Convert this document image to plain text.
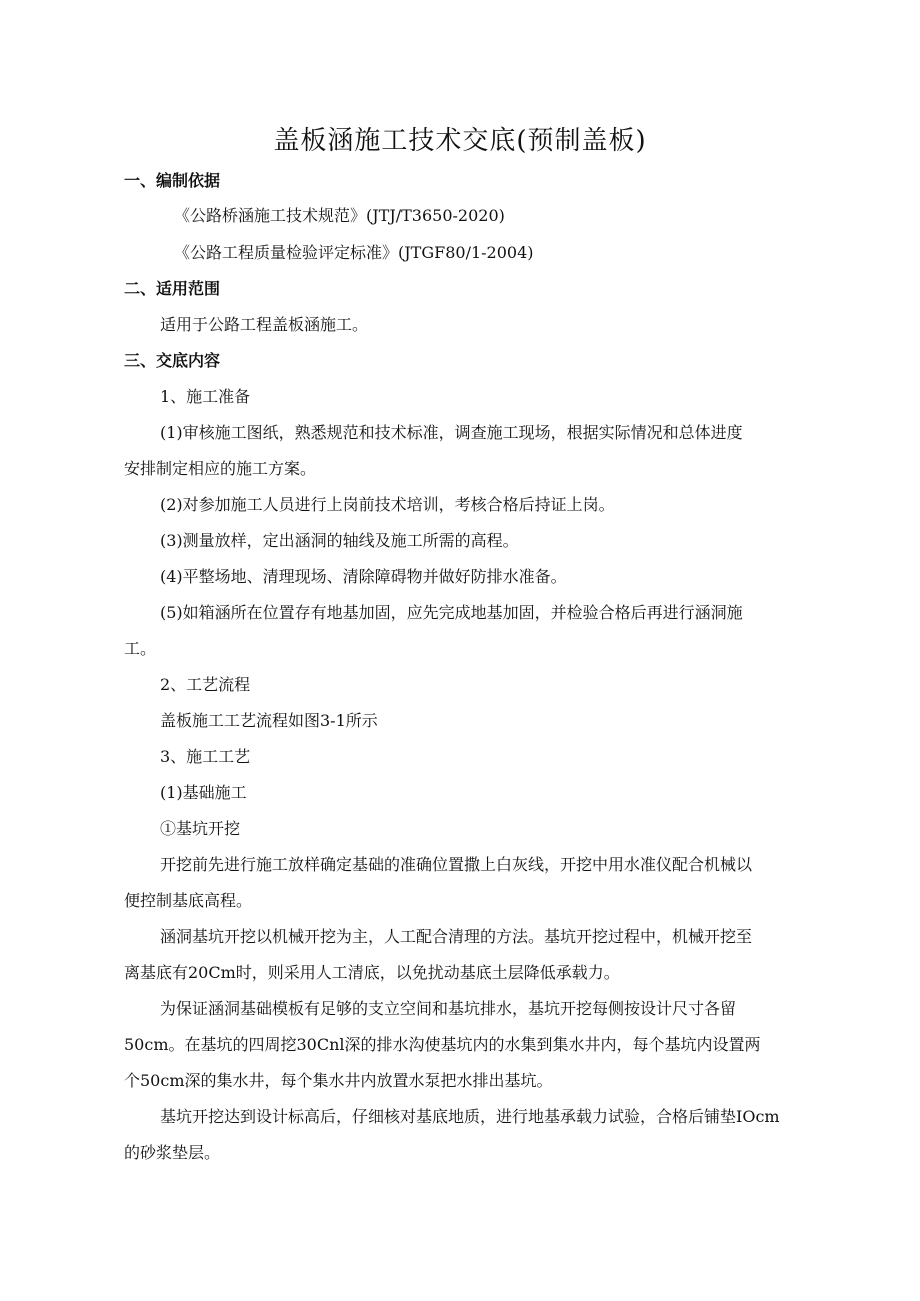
盖板涵施工技术交底(预制盖板)
一、编制依据
《公路桥涵施工技术规范》(JTJ/T3650-2020)
《公路工程质量检验评定标准》(JTGF80/1-2004)
二、适用范围
适用于公路工程盖板涵施工。
三、交底内容
1、施工准备
(1)审核施工图纸，熟悉规范和技术标准，调查施工现场，根据实际情况和总体进度
安排制定相应的施工方案。
(2)对参加施工人员进行上岗前技术培训，考核合格后持证上岗。
(3)测量放样，定出涵洞的轴线及施工所需的高程。
(4)平整场地、清理现场、清除障碍物并做好防排水准备。
(5)如箱涵所在位置存有地基加固，应先完成地基加固，并检验合格后再进行涵洞施
工。
2、工艺流程
盖板施工工艺流程如图3-1所示
3、施工工艺
(1)基础施工
①基坑开挖
开挖前先进行施工放样确定基础的准确位置撒上白灰线，开挖中用水准仪配合机械以
便控制基底高程。
涵洞基坑开挖以机械开挖为主，人工配合清理的方法。基坑开挖过程中，机械开挖至
离基底有20Cm时，则采用人工清底，以免扰动基底土层降低承载力。
为保证涵洞基础模板有足够的支立空间和基坑排水，基坑开挖每侧按设计尺寸各留
50cm。在基坑的四周挖30Cnl深的排水沟使基坑内的水集到集水井内，每个基坑内设置两
个50cm深的集水井，每个集水井内放置水泵把水排出基坑。
基坑开挖达到设计标高后，仔细核对基底地质，进行地基承载力试验，合格后铺垫IOcm
的砂浆垫层。
